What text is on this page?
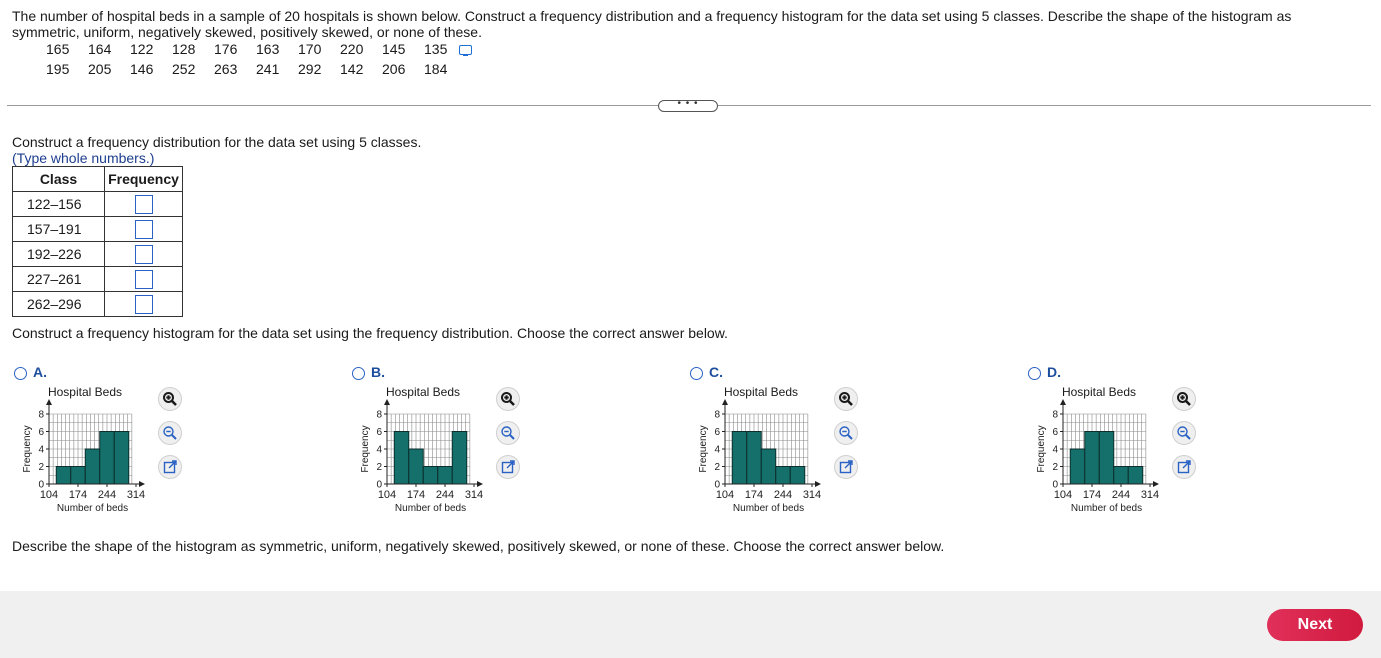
The number of hospital beds in a sample of 20 hospitals is shown below. Construct a frequency distribution and a frequency histogram for the data set using 5 classes. Describe the shape of the histogram as symmetric, uniform, negatively skewed, positively skewed, or none of these.
165 164 122 128 176 163 170 220 145 135
195 205 146 252 263 241 292 142 206 184
• • •
Construct a frequency distribution for the data set using 5 classes.
(Type whole numbers.)
Class	Frequency
122–156	
157–191	
192–226	
227–261	
262–296	
Construct a frequency histogram for the data set using the frequency distribution. Choose the correct answer below.
A.
Hospital Beds
0
2
4
6
8
104 174 244 314
Number of beds
Frequency
B.
Hospital Beds
0
2
4
6
8
104 174 244 314
Number of beds
Frequency
C.
Hospital Beds
0
2
4
6
8
104 174 244 314
Number of beds
Frequency
D.
Hospital Beds
0
2
4
6
8
104 174 244 314
Number of beds
Frequency
Describe the shape of the histogram as symmetric, uniform, negatively skewed, positively skewed, or none of these. Choose the correct answer below.
Next
